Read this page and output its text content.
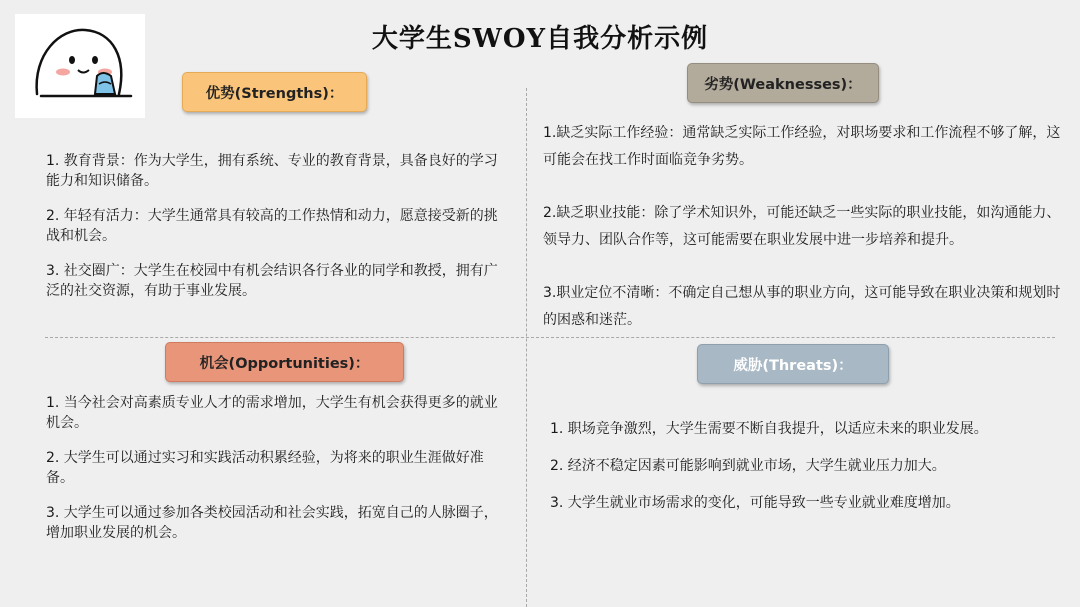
大学生SWOY自我分析示例
优势(Strengths)：
1. 教育背景：作为大学生，拥有系统、专业的教育背景，具备良好的学习能力和知识储备。
2. 年轻有活力：大学生通常具有较高的工作热情和动力，愿意接受新的挑战和机会。
3. 社交圈广：大学生在校园中有机会结识各行各业的同学和教授，拥有广泛的社交资源，有助于事业发展。
劣势(Weaknesses)：
1.缺乏实际工作经验：通常缺乏实际工作经验，对职场要求和工作流程不够了解，这可能会在找工作时面临竞争劣势。
2.缺乏职业技能：除了学术知识外，可能还缺乏一些实际的职业技能，如沟通能力、领导力、团队合作等，这可能需要在职业发展中进一步培养和提升。
3.职业定位不清晰：不确定自己想从事的职业方向，这可能导致在职业决策和规划时的困惑和迷茫。
机会(Opportunities)：
1. 当今社会对高素质专业人才的需求增加，大学生有机会获得更多的就业机会。
2. 大学生可以通过实习和实践活动积累经验，为将来的职业生涯做好准备。
3. 大学生可以通过参加各类校园活动和社会实践，拓宽自己的人脉圈子，增加职业发展的机会。
威胁(Threats)：
1. 职场竞争激烈，大学生需要不断自我提升，以适应未来的职业发展。
2. 经济不稳定因素可能影响到就业市场，大学生就业压力加大。
3. 大学生就业市场需求的变化，可能导致一些专业就业难度增加。
